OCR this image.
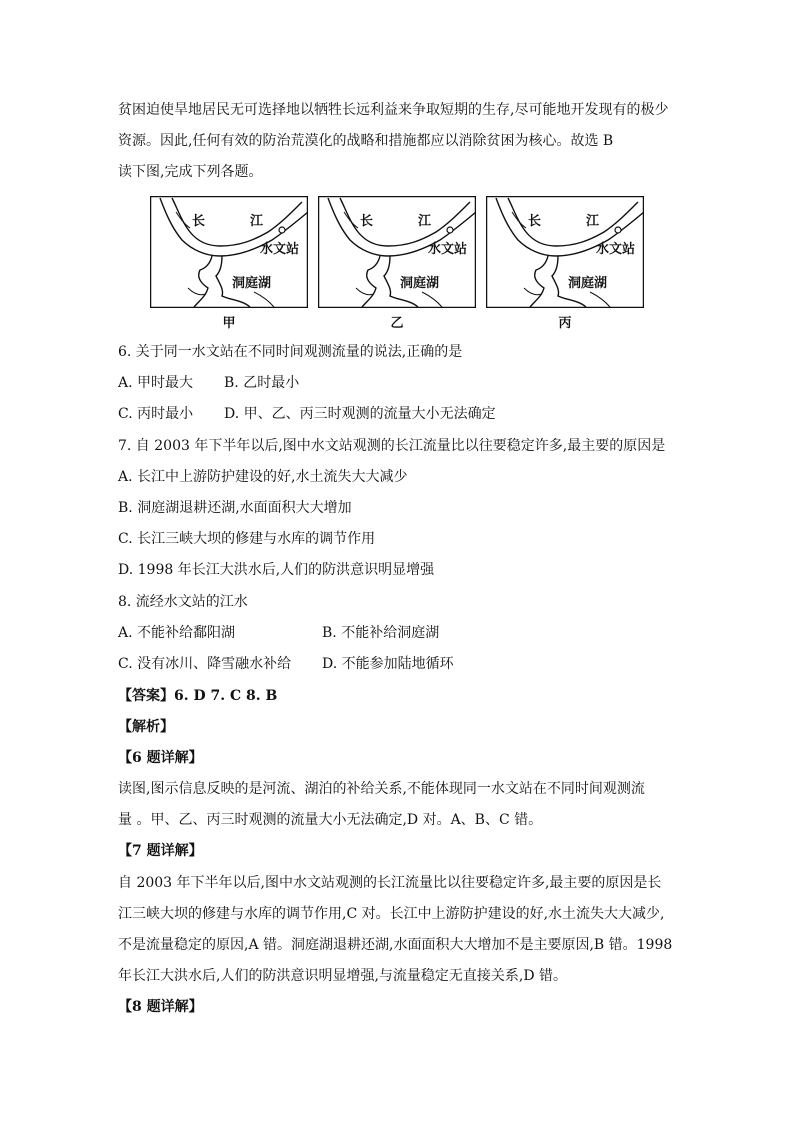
贫困迫使旱地居民无可选择地以牺牲长远利益来争取短期的生存,尽可能地开发现有的极少
资源。因此,任何有效的防治荒漠化的战略和措施都应以消除贫困为核心。故选 B
读下图,完成下列各题。
长	江
水文站
洞庭湖
甲
长	江
水文站
洞庭湖
乙
长	江
水文站
洞庭湖
丙
6. 关于同一水文站在不同时间观测流量的说法,正确的是
A. 甲时最大 B. 乙时最小
C. 丙时最小 D. 甲、乙、丙三时观测的流量大小无法确定
7. 自 2003 年下半年以后,图中水文站观测的长江流量比以往要稳定许多,最主要的原因是
A. 长江中上游防护建设的好,水土流失大大减少
B. 洞庭湖退耕还湖,水面面积大大增加
C. 长江三峡大坝的修建与水库的调节作用
D. 1998 年长江大洪水后,人们的防洪意识明显增强
8. 流经水文站的江水
A. 不能补给鄱阳湖	B. 不能补给洞庭湖
C. 没有冰川、降雪融水补给 D. 不能参加陆地循环
【答案】6. D 7. C 8. B
【解析】
【6 题详解】
读图,图示信息反映的是河流、湖泊的补给关系,不能体现同一水文站在不同时间观测流
量 。甲、乙、丙三时观测的流量大小无法确定,D 对。A、B、C 错。
【7 题详解】
自 2003 年下半年以后,图中水文站观测的长江流量比以往要稳定许多,最主要的原因是长
江三峡大坝的修建与水库的调节作用,C 对。长江中上游防护建设的好,水土流失大大减少,
不是流量稳定的原因,A 错。洞庭湖退耕还湖,水面面积大大增加不是主要原因,B 错。1998
年长江大洪水后,人们的防洪意识明显增强,与流量稳定无直接关系,D 错。
【8 题详解】
